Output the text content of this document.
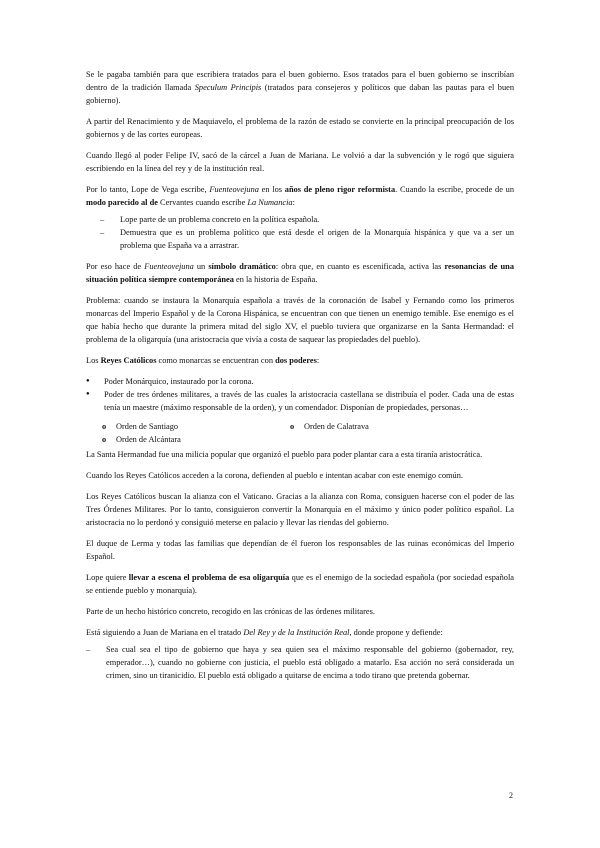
Se le pagaba también para que escribiera tratados para el buen gobierno. Esos tratados para el buen gobierno se inscribían dentro de la tradición llamada Speculum Principis (tratados para consejeros y políticos que daban las pautas para el buen gobierno).

A partir del Renacimiento y de Maquiavelo, el problema de la razón de estado se convierte en la principal preocupación de los gobiernos y de las cortes europeas.

Cuando llegó al poder Felipe IV, sacó de la cárcel a Juan de Mariana. Le volvió a dar la subvención y le rogó que siguiera escribiendo en la línea del rey y de la institución real.

Por lo tanto, Lope de Vega escribe, Fuenteovejuna en los años de pleno rigor reformista. Cuando la escribe, procede de un modo parecido al de Cervantes cuando escribe La Numancia:

– Lope parte de un problema concreto en la política española.
– Demuestra que es un problema político que está desde el origen de la Monarquía hispánica y que va a ser un problema que España va a arrastrar.

Por eso hace de Fuenteovejuna un símbolo dramático: obra que, en cuanto es escenificada, activa las resonancias de una situación política siempre contemporánea en la historia de España.

Problema: cuando se instaura la Monarquía española a través de la coronación de Isabel y Fernando como los primeros monarcas del Imperio Español y de la Corona Hispánica, se encuentran con que tienen un enemigo temible. Ese enemigo es el que había hecho que durante la primera mitad del siglo XV, el pueblo tuviera que organizarse en la Santa Hermandad: el problema de la oligarquía (una aristocracia que vivía a costa de saquear las propiedades del pueblo).

Los Reyes Católicos como monarcas se encuentran con dos poderes:

● Poder Monárquico, instaurado por la corona.
● Poder de tres órdenes militares, a través de las cuales la aristocracia castellana se distribuía el poder. Cada una de estas tenía un maestre (máximo responsable de la orden), y un comendador. Disponían de propiedades, personas…
o Orden de Santiago
o	Orden de Calatrava
o Orden de Alcántara

La Santa Hermandad fue una milicia popular que organizó el pueblo para poder plantar cara a esta tiranía aristocrática.

Cuando los Reyes Católicos acceden a la corona, defienden al pueblo e intentan acabar con este enemigo común.

Los Reyes Católicos buscan la alianza con el Vaticano. Gracias a la alianza con Roma, consiguen hacerse con el poder de las Tres Órdenes Militares. Por lo tanto, consiguieron convertir la Monarquía en el máximo y único poder político español. La aristocracia no lo perdonó y consiguió meterse en palacio y llevar las riendas del gobierno.

El duque de Lerma y todas las familias que dependían de él fueron los responsables de las ruinas económicas del Imperio Español.

Lope quiere llevar a escena el problema de esa oligarquía que es el enemigo de la sociedad española (por sociedad española se entiende pueblo y monarquía).

Parte de un hecho histórico concreto, recogido en las crónicas de las órdenes militares.

Está siguiendo a Juan de Mariana en el tratado Del Rey y de la Institución Real, donde propone y defiende:

– Sea cual sea el tipo de gobierno que haya y sea quien sea el máximo responsable del gobierno (gobernador, rey, emperador…), cuando no gobierne con justicia, el pueblo está obligado a matarlo. Esa acción no será considerada un crimen, sino un tiranicidio. El pueblo está obligado a quitarse de encima a todo tirano que pretenda gobernar.
2
